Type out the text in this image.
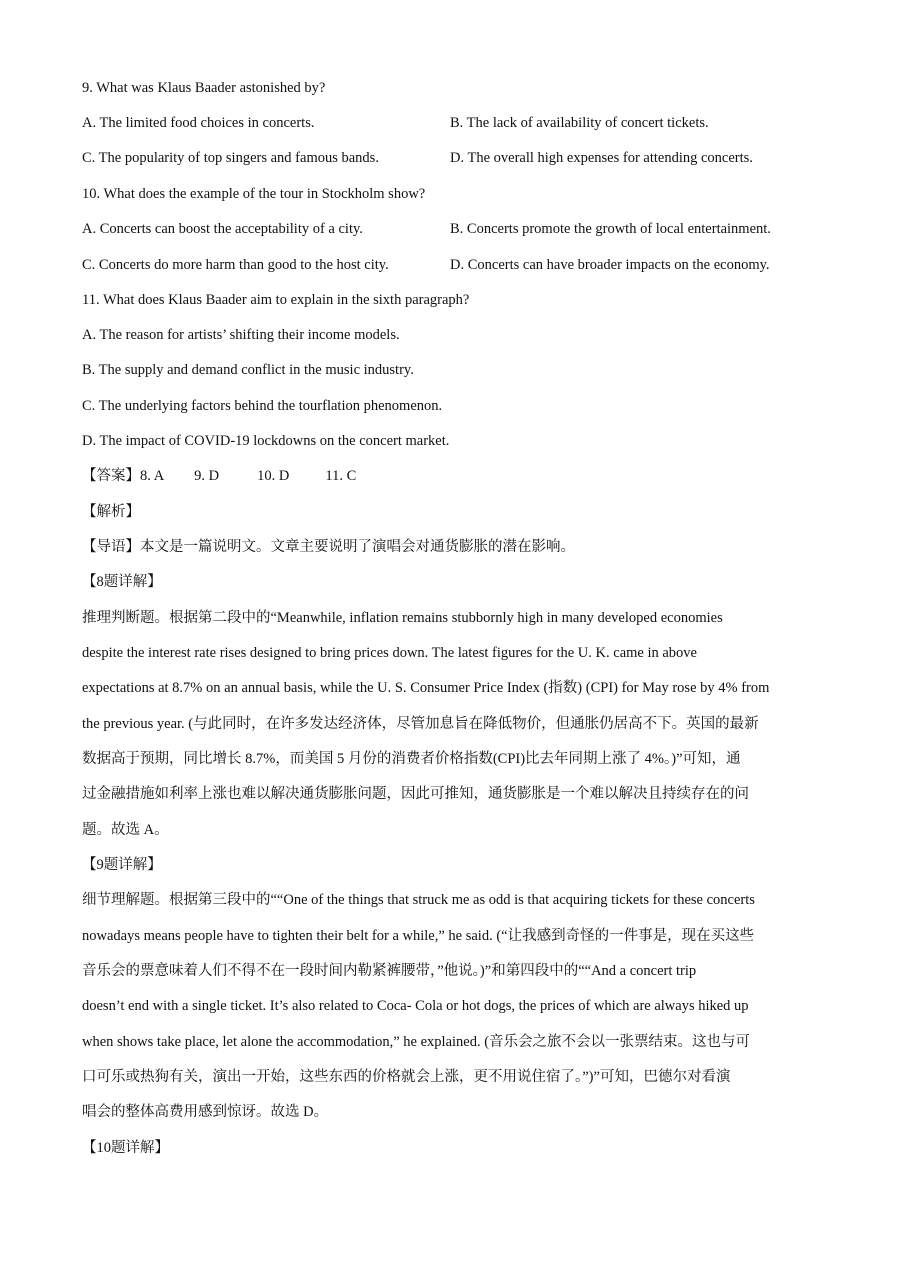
9. What was Klaus Baader astonished by?
A. The limited food choices in concerts.	B. The lack of availability of concert tickets.
C. The popularity of top singers and famous bands.	D. The overall high expenses for attending concerts.
10. What does the example of the tour in Stockholm show?
A. Concerts can boost the acceptability of a city.	B. Concerts promote the growth of local entertainment.
C. Concerts do more harm than good to the host city.	D. Concerts can have broader impacts on the economy.
11. What does Klaus Baader aim to explain in the sixth paragraph?
A. The reason for artists’ shifting their income models.
B. The supply and demand conflict in the music industry.
C. The underlying factors behind the tourflation phenomenon.
D. The impact of COVID-19 lockdowns on the concert market.
【答案】8. A 9. D	10. D 11. C
【解析】
【导语】本文是一篇说明文。文章主要说明了演唱会对通货膨胀的潜在影响。
【8题详解】
推理判断题。根据第二段中的“Meanwhile, inflation remains stubbornly high in many developed economies
despite the interest rate rises designed to bring prices down. The latest figures for the U. K. came in above
expectations at 8.7% on an annual basis, while the U. S. Consumer Price Index (指数) (CPI) for May rose by 4% from
the previous year. (与此同时，在许多发达经济体，尽管加息旨在降低物价，但通胀仍居高不下。英国的最新
数据高于预期，同比增长 8.7%，而美国 5 月份的消费者价格指数(CPI)比去年同期上涨了 4%。)”可知，通
过金融措施如利率上涨也难以解决通货膨胀问题，因此可推知，通货膨胀是一个难以解决且持续存在的问
题。故选 A。
【9题详解】
细节理解题。根据第三段中的““One of the things that struck me as odd is that acquiring tickets for these concerts
nowadays means people have to tighten their belt for a while,” he said. (“让我感到奇怪的一件事是，现在买这些
音乐会的票意味着人们不得不在一段时间内勒紧裤腰带，”他说。)”和第四段中的““And a concert trip
doesn’t end with a single ticket. It’s also related to Coca- Cola or hot dogs, the prices of which are always hiked up
when shows take place, let alone the accommodation,” he explained. (音乐会之旅不会以一张票结束。这也与可
口可乐或热狗有关，演出一开始，这些东西的价格就会上涨，更不用说住宿了。”)”可知，巴德尔对看演
唱会的整体高费用感到惊讶。故选 D。
【10题详解】
